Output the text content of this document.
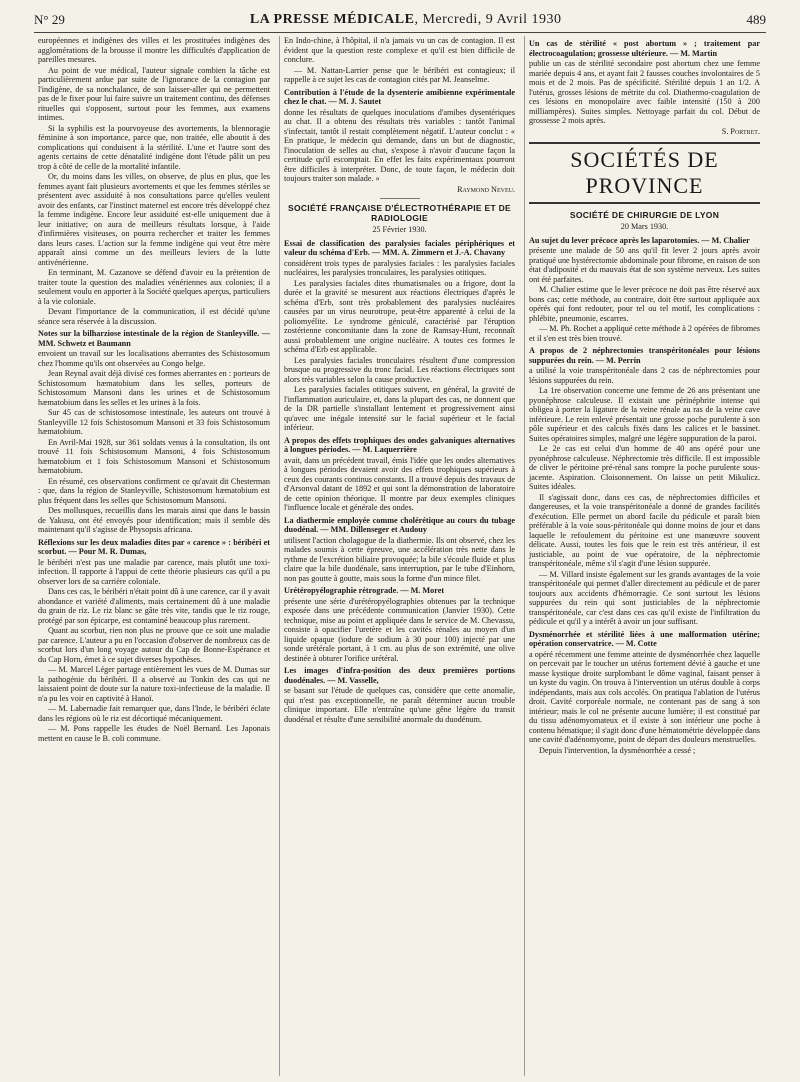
N° 29	LA PRESSE MÉDICALE, Mercredi, 9 Avril 1930	489

européennes et indigènes des villes et les prostituées indigènes des agglomérations de la brousse il montre les difficultés d'application de pareilles mesures.

Au point de vue médical, l'auteur signale combien la tâche est particulièrement ardue par suite de l'ignorance de la contagion par l'indigène, de sa nonchalance, de son laisser-aller qui ne permettent pas de le fixer pour lui faire suivre un traitement continu, des défenses rituelles qui s'opposent, surtout pour les femmes, aux examens intimes.

Si la syphilis est la pourvoyeuse des avortements, la blennoragie féminine à son importance, parce que, non traitée, elle aboutit à des complications qui conduisent à la stérilité. L'une et l'autre sont des agents certains de cette dénatalité indigène dont l'étude pâlit un peu trop à côté de celle de la mortalité infantile.

Or, du moins dans les villes, on observe, de plus en plus, que les femmes ayant fait plusieurs avortements et que les femmes stériles se présentent avec assiduité à nos consultations parce qu'elles veulent avoir des enfants, car l'instinct maternel est encore très développé chez la femme indigène. Encore leur assiduité est-elle uniquement due à leur initiative; on aura de meilleurs résultats lorsque, à l'aide d'infirmières visiteuses, on pourra rechercher et traiter les femmes dans leurs cases. L'action sur la femme indigène qui veut être mère apparaît ainsi comme un des meilleurs leviers de la lutte antivénérienne.

En terminant, M. Cazanove se défend d'avoir eu la prétention de traiter toute la question des maladies vénériennes aux colonies; il a seulement voulu en apporter à la Société quelques aperçus, particuliers à la vie coloniale.

Devant l'importance de la communication, il est décidé qu'une séance sera réservée à la discussion.

Notes sur la bilharziose intestinale de la région de Stanleyville. — MM. Schwetz et Baumann

envoient un travail sur les localisations aberrantes des Schistosomum chez l'homme qu'ils ont observées au Congo belge.

Jean Reynal avait déjà divisé ces formes aberrantes en : porteurs de Schistosomum hæmatobium dans les selles, porteurs de Schistosomum Mansoni dans les urines et de Schistosomum hæmatobium dans les selles et les urines à la fois.

Sur 45 cas de schistosomose intestinale, les auteurs ont trouvé à Stanleyville 12 fois Schistosomum Mansoni et 33 fois Schistosomum hæmatobium.

En Avril-Mai 1928, sur 361 soldats venus à la consultation, ils ont trouvé 11 fois Schistosomum Mansoni, 4 fois Schistosomum hæmatobium et 1 fois Schistosomum Mansoni et Schistosomum hæmatobium.

En résumé, ces observations confirment ce qu'avait dit Chesterman : que, dans la région de Stanleyville, Schistosomum hæmatobium est plus fréquent dans les selles que Schistosomum Mansoni.

Des mollusques, recueillis dans les marais ainsi que dans le bassin de Yakusu, ont été envoyés pour identification; mais il semble dès maintenant qu'il s'agisse de Physopsis africana.

Réflexions sur les deux maladies dites par « carence » : béribéri et scorbut. — Pour M. R. Dumas,

le béribéri n'est pas une maladie par carence, mais plutôt une toxi-infection. Il rapporte à l'appui de cette théorie plusieurs cas qu'il a pu observer lors de sa carrière coloniale.

Dans ces cas, le béribéri n'était point dû à une carence, car il y avait abondance et variété d'aliments, mais certainement dû à une maladie du grain de riz. Le riz blanc se gâte très vite, tandis que le riz rouge, protégé par son épicarpe, est contaminé beaucoup plus rarement.

Quant au scorbut, rien non plus ne prouve que ce soit une maladie par carence. L'auteur a pu en l'occasion d'observer de nombreux cas de scorbut lors d'un long voyage autour du Cap de Bonne-Espérance et du Cap Horn, émet à ce sujet diverses hypothèses.

— M. Marcel Léger partage entièrement les vues de M. Dumas sur la pathogénie du béribéri. Il a observé au Tonkin des cas qui ne laissaient point de doute sur la nature toxi-infectieuse de la maladie. Il n'a pu les voir en captivité à Hanoï.

— M. Labernadie fait remarquer que, dans l'Inde, le béribéri éclate dans les régions où le riz est décortiqué mécaniquement.

— M. Pons rappelle les études de Noël Bernard. Les Japonais mettent en cause le B. coli commune.

En Indo-chine, à l'hôpital, il n'a jamais vu un cas de contagion. Il est évident que la question reste complexe et qu'il est bien difficile de conclure.

— M. Nattan-Larrier pense que le béribéri est contagieux; il rappelle à ce sujet les cas de contagion cités par M. Jeanselme.

Contribution à l'étude de la dysenterie amibienne expérimentale chez le chat. — M. J. Sautet

donne les résultats de quelques inoculations d'amibes dysentériques au chat. Il a obtenu des résultats très variables : tantôt l'animal s'infectait, tantôt il restait complètement négatif. L'auteur conclut : « En pratique, le médecin qui demande, dans un but de diagnostic, l'inoculation de selles au chat, s'expose à n'avoir d'aucune façon la certitude qu'il escomptait. En effet les faits expérimentaux pourront être difficiles à interpréter. Donc, de toute façon, le médecin doit toujours traiter son malade. »

Raymond Neveu.

SOCIÉTÉ FRANÇAISE D'ÉLECTROTHÉRAPIE ET DE RADIOLOGIE
25 Février 1930.

Essai de classification des paralysies faciales périphériques et valeur du schéma d'Erb. — MM. A. Zimmern et J.-A. Chavany

considèrent trois types de paralysies faciales : les paralysies faciales nucléaires, les paralysies tronculaires, les paralysies otitiques.

Les paralysies faciales dites rhumatismales ou a frigore, dont la durée et la gravité se mesurent aux réactions électriques d'après le schéma d'Erb, sont très probablement des paralysies nucléaires causées par un virus neurotrope, peut-être apparenté à celui de la poliomyélite. Le syndrome géniculé, caractérisé par l'éruption zostérienne concomitante dans la zone de Ramsay-Hunt, reconnaît aussi probablement une origine nucléaire. A toutes ces formes le schéma d'Erb est applicable.

Les paralysies faciales tronculaires résultent d'une compression brusque ou progressive du tronc facial. Les réactions électriques sont alors très variables selon la cause productive.

Les paralysies faciales otitiques suivent, en général, la gravité de l'inflammation auriculaire, et, dans la plupart des cas, ne donnent que de la DR partielle s'installant lentement et progressivement ainsi qu'avec une inégale intensité sur le facial supérieur et le facial inférieur.

A propos des effets trophiques des ondes galvaniques alternatives à longues périodes. — M. Laquerrière

avait, dans un précédent travail, émis l'idée que les ondes alternatives à longues périodes devaient avoir des effets trophiques supérieurs à ceux des courants continus constants. Il a trouvé depuis des travaux de d'Arsonval datant de 1892 et qui sont la démonstration de laboratoire de cette opinion théorique. Il montre par deux exemples cliniques l'influence locale et générale des ondes.

La diathermie employée comme cholérétique au cours du tubage duodénal. — MM. Dillenseger et Audouy

utilisent l'action cholagogue de la diathermie. Ils ont observé, chez les malades soumis à cette épreuve, une accélération très nette dans le rythme de l'excrétion biliaire provoquée; la bile s'écoule fluide et plus claire que la bile duodénale, sans interruption, par le tube d'Einhorn, non pas goutte à goutte, mais sous la forme d'un mince filet.

Urétéropyélographie rétrograde. — M. Moret

présente une série d'urétéropyélographies obtenues par la technique exposée dans une précédente communication (Janvier 1930). Cette technique, mise au point et appliquée dans le service de M. Chevassu, consiste à opacifier l'uretère et les cavités rénales au moyen d'un liquide opaque (iodure de sodium à 30 pour 100) injecté par une sonde urétérale portant, à 1 cm. au plus de son extrémité, une olive destinée à obturer l'orifice urétéral.

Les images d'infra-position des deux premières portions duodénales. — M. Vasselle,

se basant sur l'étude de quelques cas, considère que cette anomalie, qui n'est pas exceptionnelle, ne paraît déterminer aucun trouble clinique important. Elle n'entraîne qu'une gêne légère du transit duodénal et résulte d'une sensibilité anormale du duodénum.

Un cas de stérilité « post abortum » ; traitement par électrocoagulation; grossesse ultérieure. — M. Martin

publie un cas de stérilité secondaire post abortum chez une femme mariée depuis 4 ans, et ayant fait 2 fausses couches involontaires de 5 mois et de 2 mois. Pas de spécificité. Stérilité depuis 1 an 1/2. A l'utérus, grosses lésions de métrite du col. Diathermo-coagulation de ces lésions en monopolaire avec faible intensité (150 à 200 milliampères). Suites simples. Nettoyage parfait du col. Début de grossesse 2 mois après.

S. Portret.

SOCIÉTÉS DE PROVINCE
SOCIÉTÉ DE CHIRURGIE DE LYON
20 Mars 1930.

Au sujet du lever précoce après les laparotomies. — M. Chalier

présente une malade de 50 ans qu'il fit lever 2 jours après avoir pratiqué une hystérectomie abdominale pour fibrome, en raison de son état d'adiposité et du mauvais état de son système nerveux. Les suites ont été parfaites.

M. Chalier estime que le lever précoce ne doit pas être réservé aux bons cas; cette méthode, au contraire, doit être surtout appliquée aux opérés qui font redouter, pour tel ou tel motif, les complications : phlébite, pneumonie, escarres.

— M. Ph. Rochet a appliqué cette méthode à 2 opérées de fibromes et il s'en est très bien trouvé.

A propos de 2 néphrectomies transpéritonéales pour lésions suppurées du rein. — M. Perrin

a utilisé la voie transpéritonéale dans 2 cas de néphrectomies pour lésions suppurées du rein.

La 1re observation concerne une femme de 26 ans présentant une pyonéphrose calculeuse. Il existait une périnéphrite intense qui obligea à porter la ligature de la veine rénale au ras de la veine cave inférieure. Le rein enlevé présentait une grosse poche purulente à son pôle supérieur et des calculs fixés dans les calices et le bassinet. Suites opératoires simples, malgré une légère suppuration de la paroi.

Le 2e cas est celui d'un homme de 40 ans opéré pour une pyonéphrose calculeuse. Néphrectomie très difficile. Il est impossible de cliver le péritoine pré-rénal sans rompre la poche purulente sous-jacente. Aspiration. Cloisonnement. On laisse un petit Mikulicz. Suites idéales.

Il s'agissait donc, dans ces cas, de néphrectomies difficiles et dangereuses, et la voie transpéritonéale a donné de grandes facilités d'exécution. Elle permet un abord facile du pédicule et paraît bien préférable à la voie sous-péritonéale qui donne moins de jour et dans laquelle le refoulement du péritoine est une manœuvre souvent délicate. Aussi, toutes les fois que le rein est très antérieur, il est justiciable, au point de vue opératoire, de la néphrectomie transpéritonéale, même s'il s'agit d'une lésion suppurée.

— M. Villard insiste également sur les grands avantages de la voie transpéritonéale qui permet d'aller directement au pédicule et de parer toujours aux accidents d'hémorragie. Ce sont surtout les lésions suppurées du rein qui sont justiciables de la néphrectomie transpéritonéale, car c'est dans ces cas qu'il existe de l'infiltration du pédicule et qu'il y a intérêt à avoir un jour suffisant.

Dysménorrhée et stérilité liées à une malformation utérine; opération conservatrice. — M. Cotte

a opéré récemment une femme atteinte de dysménorrhée chez laquelle on percevait par le toucher un utérus fortement dévié à gauche et une masse kystique droite surplombant le dôme vaginal, faisant penser à un kyste du vagin. On trouva à l'intervention un utérus double à corps indépendants, mais aux cols accolés. On pratiqua l'ablation de l'utérus droit. Cavité corporéale normale, ne contenant pas de sang à son intérieur; mais le col ne présente aucune lumière; il est constitué par du tissu adénomyomateux et il existe à son intérieur une poche à contenu hématique; il s'agit donc d'une hématométrie développée dans une cavité d'adénomyome, point de départ des douleurs menstruelles.

Depuis l'intervention, la dysménorrhée a cessé ;
